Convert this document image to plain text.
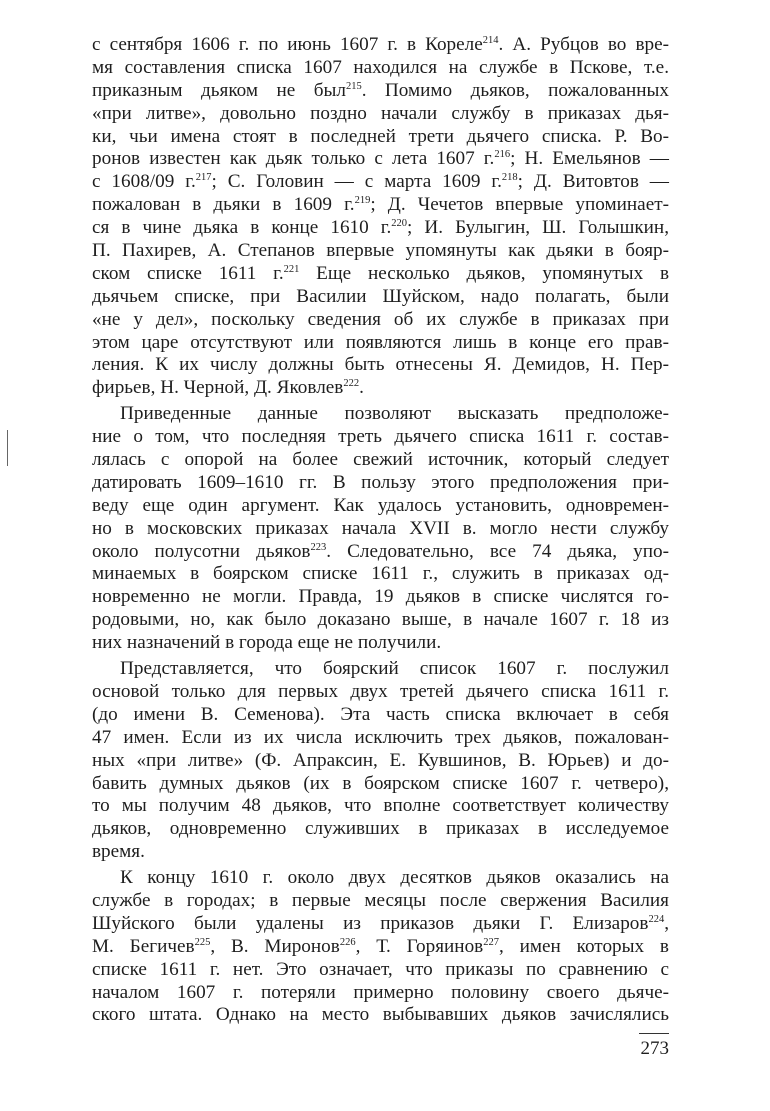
с сентября 1606 г. по июнь 1607 г. в Кореле$^{214}$. А. Рубцов во вре-
мя составления списка 1607 находился на службе в Пскове, т.е.
приказным дьяком не был$^{215}$. Помимо дьяков, пожалованных
«при литве», довольно поздно начали службу в приказах дья-
ки, чьи имена стоят в последней трети дьячего списка. Р. Во-
ронов известен как дьяк только с лета 1607 г.$^{216}$; Н. Емельянов —
с 1608/09 г.$^{217}$; С. Головин — с марта 1609 г.$^{218}$; Д. Витовтов —
пожалован в дьяки в 1609 г.$^{219}$; Д. Чечетов впервые упоминает-
ся в чине дьяка в конце 1610 г.$^{220}$; И. Булыгин, Ш. Голышкин,
П. Пахирев, А. Степанов впервые упомянуты как дьяки в бояр-
ском списке 1611 г.$^{221}$ Еще несколько дьяков, упомянутых в
дьячьем списке, при Василии Шуйском, надо полагать, были
«не у дел», поскольку сведения об их службе в приказах при
этом царе отсутствуют или появляются лишь в конце его прав-
ления. К их числу должны быть отнесены Я. Демидов, Н. Пер-
фирьев, Н. Черной, Д. Яковлев$^{222}$.
Приведенные данные позволяют высказать предположе-
ние о том, что последняя треть дьячего списка 1611 г. состав-
лялась с опорой на более свежий источник, который следует
датировать 1609–1610 гг. В пользу этого предположения при-
веду еще один аргумент. Как удалось установить, одновремен-
но в московских приказах начала XVII в. могло нести службу
около полусотни дьяков$^{223}$. Следовательно, все 74 дьяка, упо-
минаемых в боярском списке 1611 г., служить в приказах од-
новременно не могли. Правда, 19 дьяков в списке числятся го-
родовыми, но, как было доказано выше, в начале 1607 г. 18 из
них назначений в города еще не получили.
Представляется, что боярский список 1607 г. послужил
основой только для первых двух третей дьячего списка 1611 г.
(до имени В. Семенова). Эта часть списка включает в себя
47 имен. Если из их числа исключить трех дьяков, пожалован-
ных «при литве» (Ф. Апраксин, Е. Кувшинов, В. Юрьев) и до-
бавить думных дьяков (их в боярском списке 1607 г. четверо),
то мы получим 48 дьяков, что вполне соответствует количеству
дьяков, одновременно служивших в приказах в исследуемое
время.
К концу 1610 г. около двух десятков дьяков оказались на
службе в городах; в первые месяцы после свержения Василия
Шуйского были удалены из приказов дьяки Г. Елизаров$^{224}$,
М. Бегичев$^{225}$, В. Миронов$^{226}$, Т. Горяинов$^{227}$, имен которых в
списке 1611 г. нет. Это означает, что приказы по сравнению с
началом 1607 г. потеряли примерно половину своего дьяче-
ского штата. Однако на место выбывавших дьяков зачислялись
273
